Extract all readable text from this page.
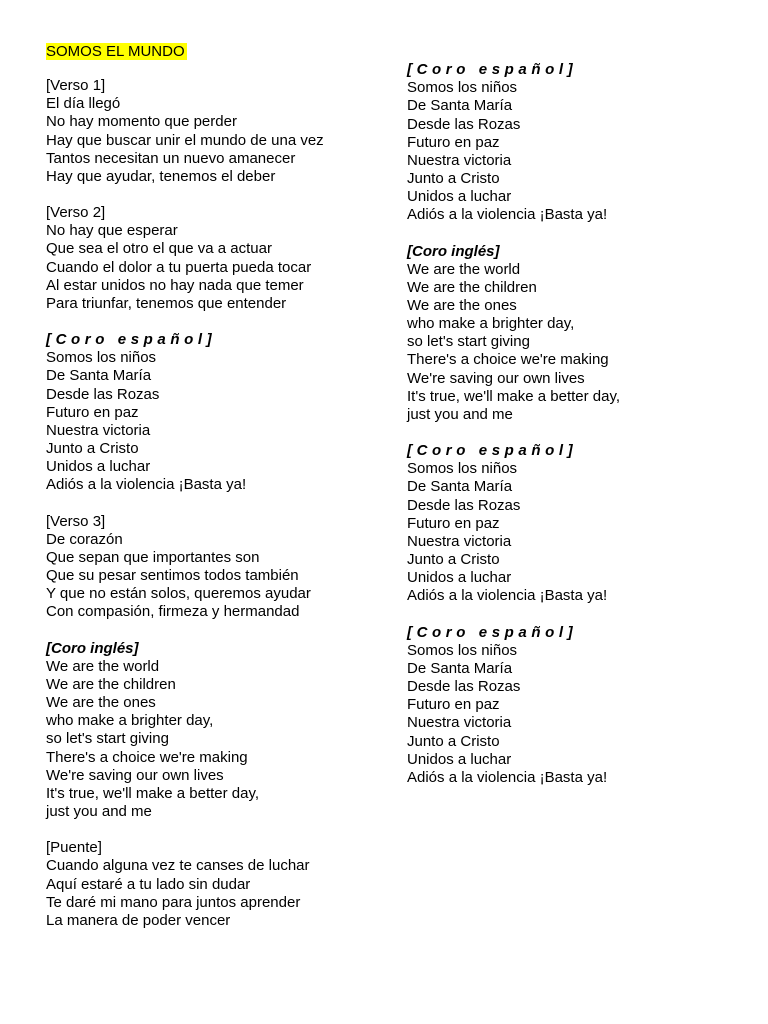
SOMOS EL MUNDO
[Verso 1]
El día llegó
No hay momento que perder
Hay que buscar unir el mundo de una vez
Tantos necesitan un nuevo amanecer
Hay que ayudar, tenemos el deber
[Verso 2]
No hay que esperar
Que sea el otro el que va a actuar
Cuando el dolor a tu puerta pueda tocar
Al estar unidos no hay nada que temer
Para triunfar, tenemos que entender
[Coro español]
Somos los niños
De Santa María
Desde las Rozas
Futuro en paz
Nuestra victoria
Junto a Cristo
Unidos a luchar
Adiós a la violencia ¡Basta ya!
[Verso 3]
De corazón
Que sepan que importantes son
Que su pesar sentimos todos también
Y que no están solos, queremos ayudar
Con compasión, firmeza y hermandad
[Coro inglés]
We are the world
We are the children
We are the ones
who make a brighter day,
so let's start giving
There's a choice we're making
We're saving our own lives
It's true, we'll make a better day,
just you and me
[Puente]
Cuando alguna vez te canses de luchar
Aquí estaré a tu lado sin dudar
Te daré mi mano para juntos aprender
La manera de poder vencer
[Coro español]
Somos los niños
De Santa María
Desde las Rozas
Futuro en paz
Nuestra victoria
Junto a Cristo
Unidos a luchar
Adiós a la violencia ¡Basta ya!
[Coro inglés]
We are the world
We are the children
We are the ones
who make a brighter day,
so let's start giving
There's a choice we're making
We're saving our own lives
It's true, we'll make a better day,
just you and me
[Coro español]
Somos los niños
De Santa María
Desde las Rozas
Futuro en paz
Nuestra victoria
Junto a Cristo
Unidos a luchar
Adiós a la violencia ¡Basta ya!
[Coro español]
Somos los niños
De Santa María
Desde las Rozas
Futuro en paz
Nuestra victoria
Junto a Cristo
Unidos a luchar
Adiós a la violencia ¡Basta ya!
